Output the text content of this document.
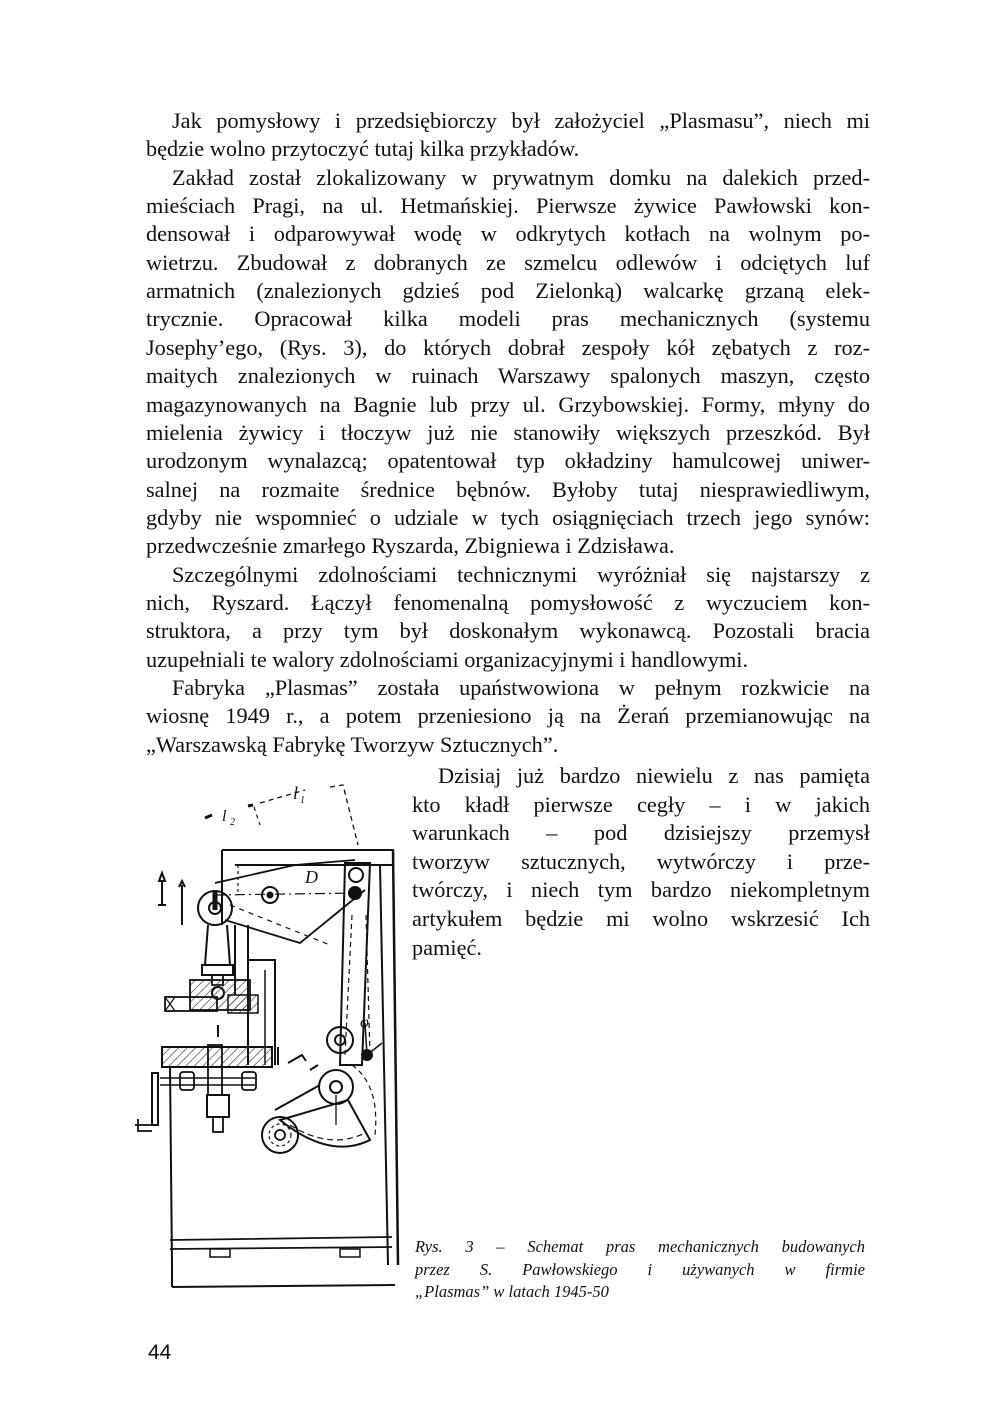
Jak pomysłowy i przedsiębiorczy był założyciel „Plasmasu”, niech mi
będzie wolno przytoczyć tutaj kilka przykładów.
Zakład został zlokalizowany w prywatnym domku na dalekich przed-
mieściach Pragi, na ul. Hetmańskiej. Pierwsze żywice Pawłowski kon-
densował i odparowywał wodę w odkrytych kotłach na wolnym po-
wietrzu. Zbudował z dobranych ze szmelcu odlewów i odciętych luf
armatnich (znalezionych gdzieś pod Zielonką) walcarkę grzaną elek-
trycznie. Opracował kilka modeli pras mechanicznych (systemu
Josephy’ego, (Rys. 3), do których dobrał zespoły kół zębatych z roz-
maitych znalezionych w ruinach Warszawy spalonych maszyn, często
magazynowanych na Bagnie lub przy ul. Grzybowskiej. Formy, młyny do
mielenia żywicy i tłoczyw już nie stanowiły większych przeszkód. Był
urodzonym wynalazcą; opatentował typ okładziny hamulcowej uniwer-
salnej na rozmaite średnice bębnów. Byłoby tutaj niesprawiedliwym,
gdyby nie wspomnieć o udziale w tych osiągnięciach trzech jego synów:
przedwcześnie zmarłego Ryszarda, Zbigniewa i Zdzisława.
Szczególnymi zdolnościami technicznymi wyróżniał się najstarszy z
nich, Ryszard. Łączył fenomenalną pomysłowość z wyczuciem kon-
struktora, a przy tym był doskonałym wykonawcą. Pozostali bracia
uzupełniali te walory zdolnościami organizacyjnymi i handlowymi.
Fabryka „Plasmas” została upaństwowiona w pełnym rozkwicie na
wiosnę 1949 r., a potem przeniesiono ją na Żerań przemianowując na
„Warszawską Fabrykę Tworzyw Sztucznych”.
Dzisiaj już bardzo niewielu z nas pamięta
kto kładł pierwsze cegły – i w jakich
warunkach – pod dzisiejszy przemysł
tworzyw sztucznych, wytwórczy i prze-
twórczy, i niech tym bardzo niekompletnym
artykułem będzie mi wolno wskrzesić Ich
pamięć.
l 2
l 1
D
φ
Rys. 3 – Schemat pras mechanicznych budowanych
przez S. Pawłowskiego i używanych w firmie
„Plasmas” w latach 1945-50
44
